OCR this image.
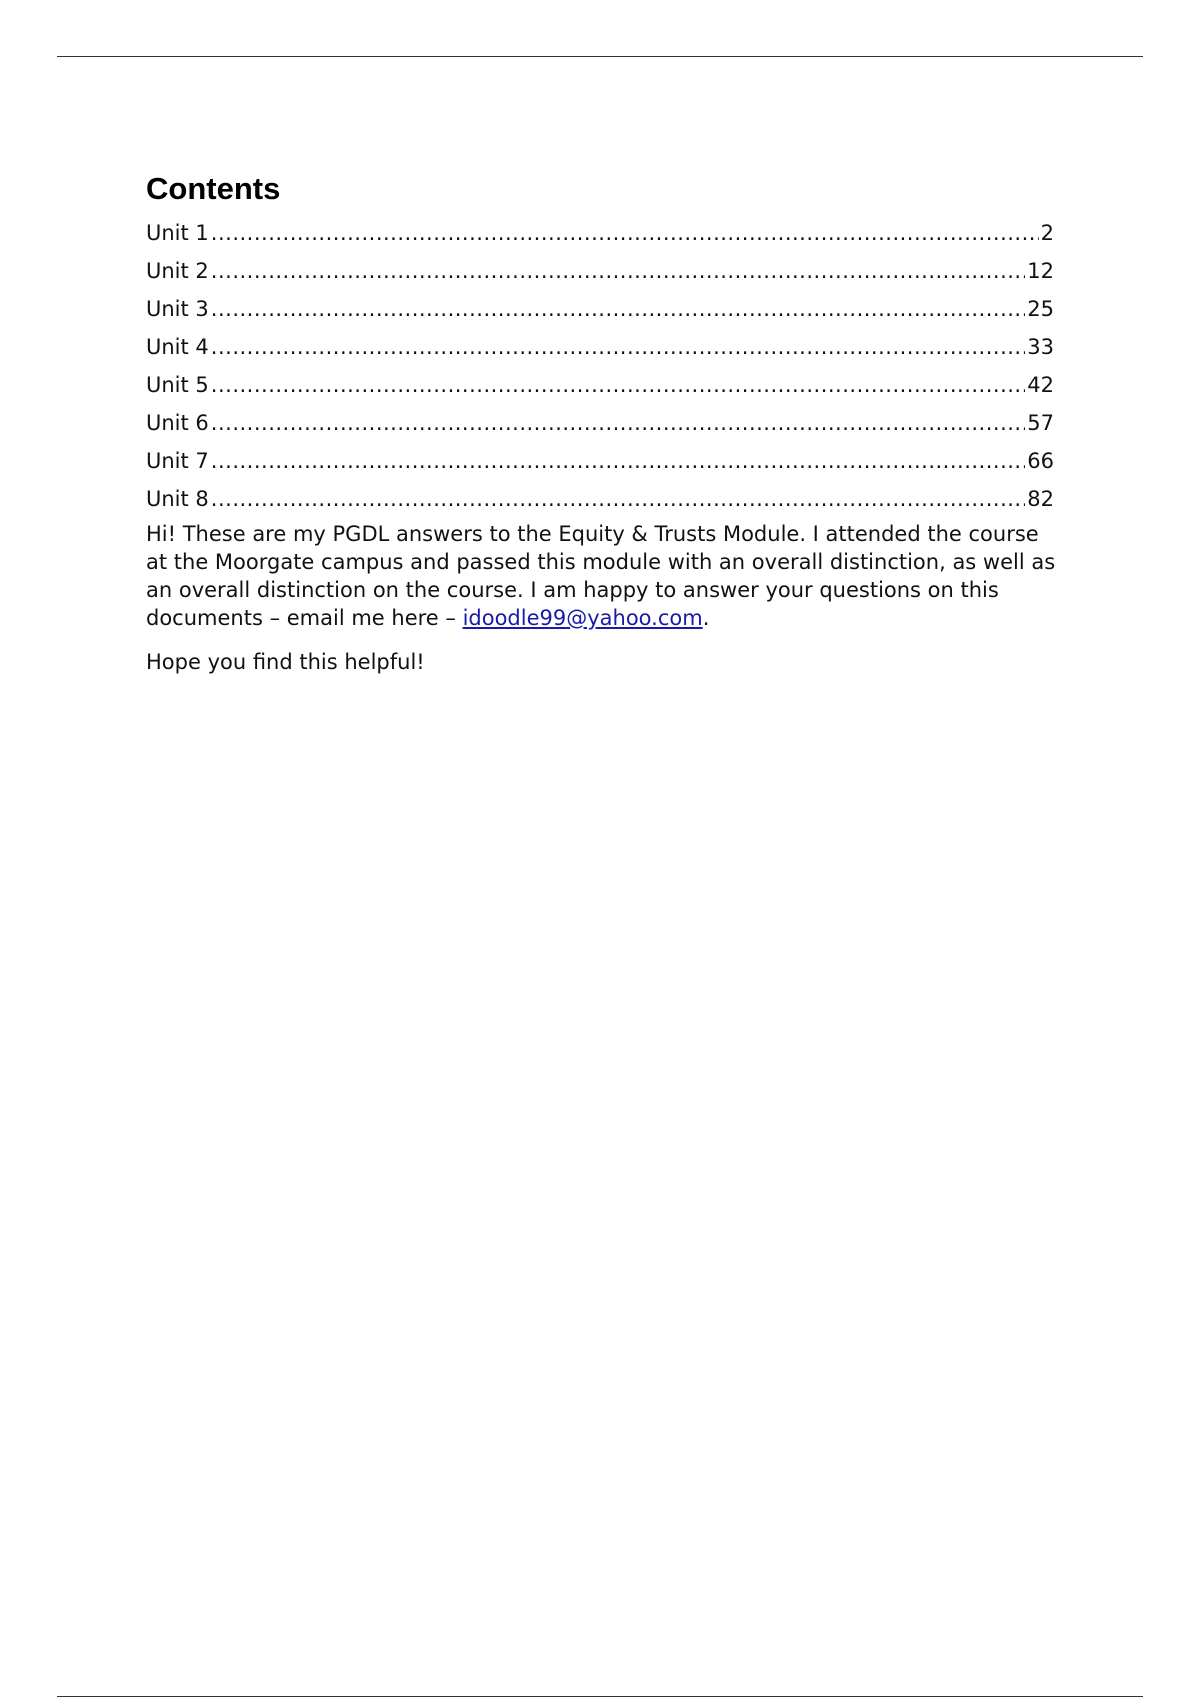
Contents
Unit 1 .....	2
Unit 2 .....	12
Unit 3 .....	25
Unit 4 .....	33
Unit 5 .....	42
Unit 6 .....	57
Unit 7 .....	66
Unit 8 .....	82

Hi! These are my PGDL answers to the Equity & Trusts Module. I attended the course at the Moorgate campus and passed this module with an overall distinction, as well as an overall distinction on the course. I am happy to answer your questions on this documents – email me here – idoodle99@yahoo.com.

Hope you find this helpful!
